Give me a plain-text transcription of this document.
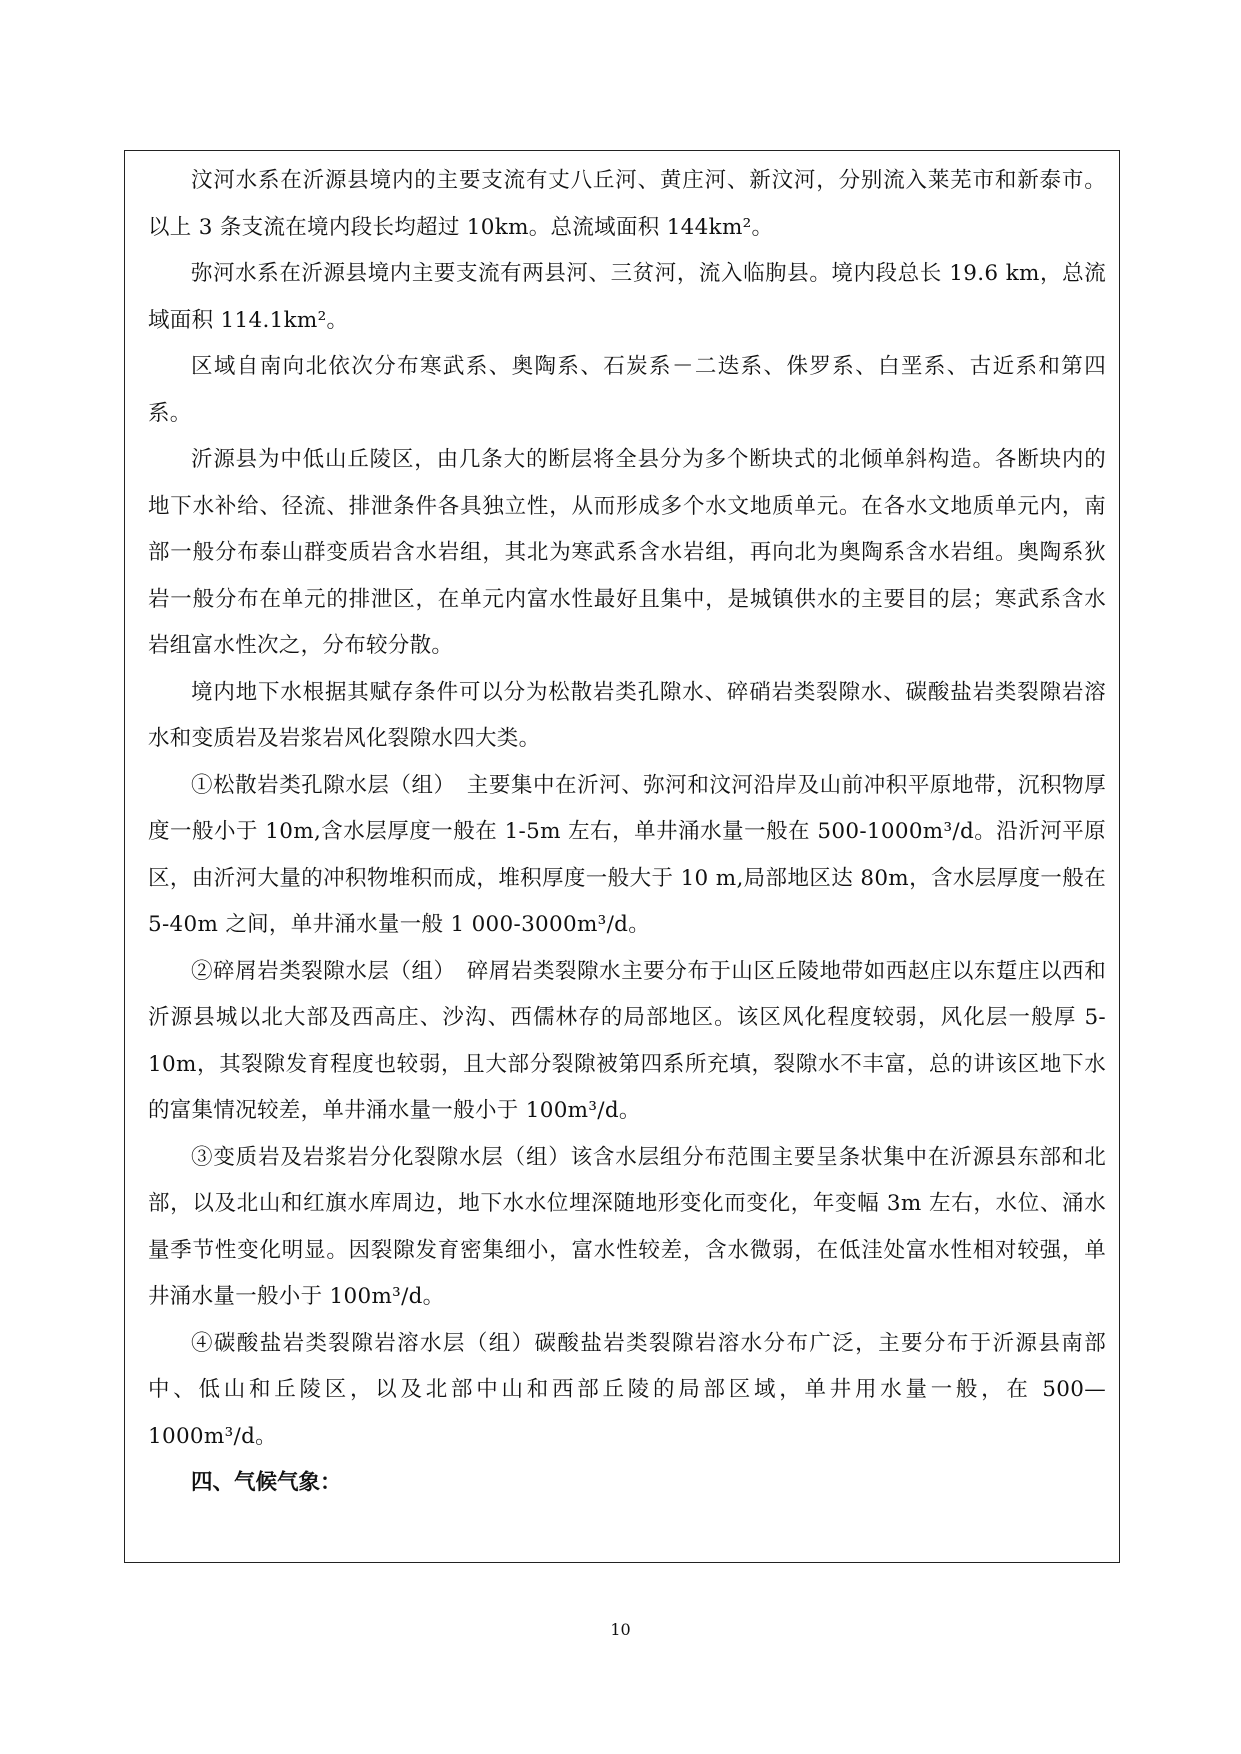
汶河水系在沂源县境内的主要支流有丈八丘河、黄庄河、新汶河，分别流入莱芜市和新泰市。以上 3 条支流在境内段长均超过 10km。总流域面积 144km²。

弥河水系在沂源县境内主要支流有两县河、三贫河，流入临朐县。境内段总长 19.6 km，总流域面积 114.1km²。

区域自南向北依次分布寒武系、奥陶系、石炭系－二迭系、侏罗系、白垩系、古近系和第四系。

沂源县为中低山丘陵区，由几条大的断层将全县分为多个断块式的北倾单斜构造。各断块内的地下水补给、径流、排泄条件各具独立性，从而形成多个水文地质单元。在各水文地质单元内，南部一般分布泰山群变质岩含水岩组，其北为寒武系含水岩组，再向北为奥陶系含水岩组。奥陶系狄岩一般分布在单元的排泄区，在单元内富水性最好且集中，是城镇供水的主要目的层；寒武系含水岩组富水性次之，分布较分散。

境内地下水根据其赋存条件可以分为松散岩类孔隙水、碎硝岩类裂隙水、碳酸盐岩类裂隙岩溶水和变质岩及岩浆岩风化裂隙水四大类。

①松散岩类孔隙水层（组）　主要集中在沂河、弥河和汶河沿岸及山前冲积平原地带，沉积物厚度一般小于 10m,含水层厚度一般在 1-5m 左右，单井涌水量一般在 500-1000m³/d。沿沂河平原区，由沂河大量的冲积物堆积而成，堆积厚度一般大于 10 m,局部地区达 80m，含水层厚度一般在 5-40m 之间，单井涌水量一般 1 000-3000m³/d。

②碎屑岩类裂隙水层（组）　碎屑岩类裂隙水主要分布于山区丘陵地带如西赵庄以东踅庄以西和沂源县城以北大部及西高庄、沙沟、西儒林存的局部地区。该区风化程度较弱，风化层一般厚 5-10m，其裂隙发育程度也较弱，且大部分裂隙被第四系所充填，裂隙水不丰富，总的讲该区地下水的富集情况较差，单井涌水量一般小于 100m³/d。

③变质岩及岩浆岩分化裂隙水层（组）该含水层组分布范围主要呈条状集中在沂源县东部和北部，以及北山和红旗水库周边，地下水水位埋深随地形变化而变化，年变幅 3m 左右，水位、涌水量季节性变化明显。因裂隙发育密集细小，富水性较差，含水微弱，在低洼处富水性相对较强，单井涌水量一般小于 100m³/d。

④碳酸盐岩类裂隙岩溶水层（组）碳酸盐岩类裂隙岩溶水分布广泛，主要分布于沂源县南部中、低山和丘陵区，以及北部中山和西部丘陵的局部区域，单井用水量一般，在 500—1000m³/d。

四、气候气象：

10
